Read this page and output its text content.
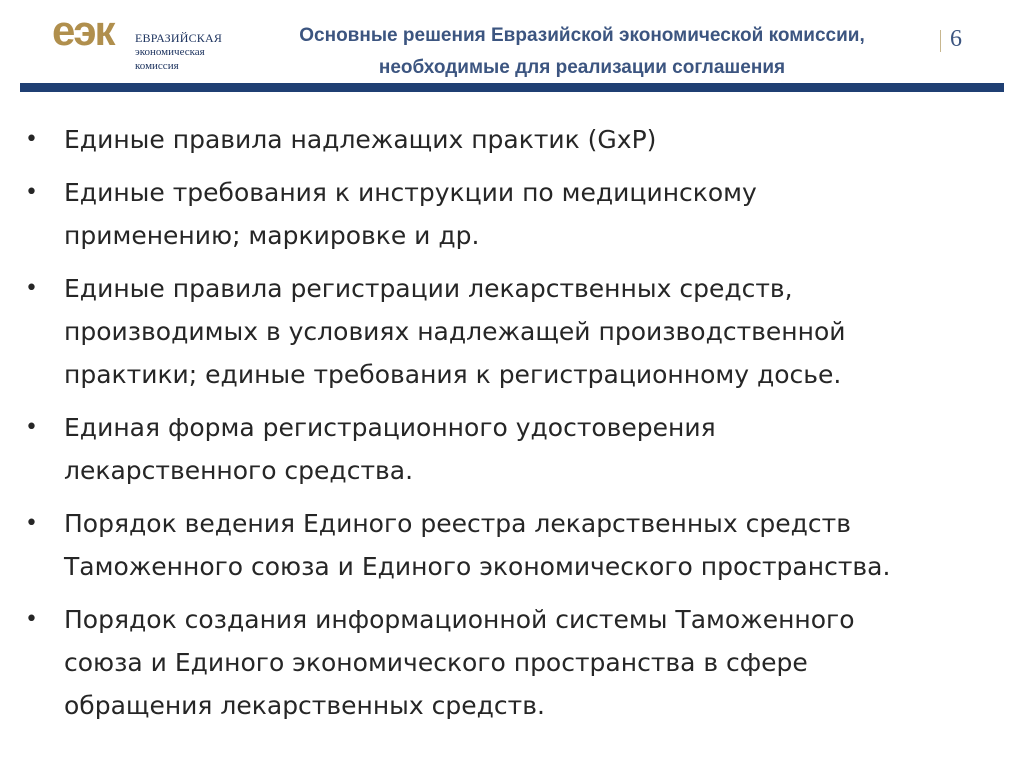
еэк ЕВРАЗИЙСКАЯ
экономическая
комиссия
Основные решения Евразийской экономической комиссии,
необходимые для реализации соглашения
6
• Единые правила надлежащих практик (GxP)
• Единые требования к инструкции по медицинскому
применению; маркировке и др.
• Единые правила регистрации лекарственных средств,
производимых в условиях надлежащей производственной
практики; единые требования к регистрационному досье.
• Единая форма регистрационного удостоверения
лекарственного средства.
• Порядок ведения Единого реестра лекарственных средств
Таможенного союза и Единого экономического пространства.
• Порядок создания информационной системы Таможенного
союза и Единого экономического пространства в сфере
обращения лекарственных средств.
